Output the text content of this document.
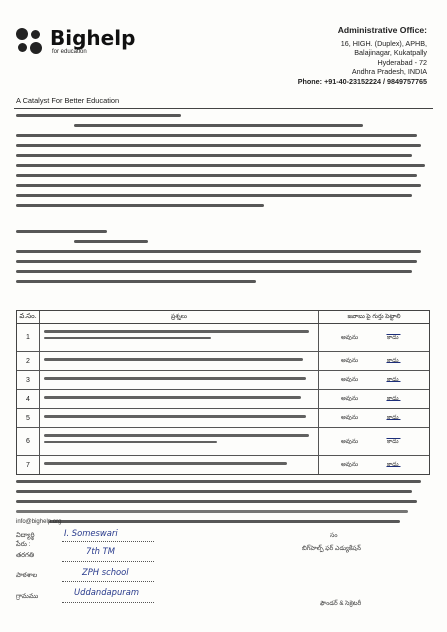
Bighelp
for education
A Catalyst For Better Education
Administrative Office:
16, HIGH. (Duplex), APHB,
Balajinagar, Kukatpally
Hyderabad - 72
Andhra Pradesh, INDIA
Phone: +91-40-23152224 / 9849757765
వ.సం.	ప్రశ్నలు	జవాబు పై గుర్తు పెట్టాలి
1	అవును	కాదు
2	అవును	కాదు
3	అవును	కాదు
4	అవును	కాదు
5	అవును	కాదు
6	అవును	కాదు
7	అవును	కాదు
info@bighelp.org
విద్యార్థి పేరు :
I. Someswari
తరగతి	7th TM
పాఠశాల	ZPH school
గ్రామము	Uddandapuram
సం
బిగ్‌హెల్ప్ ఫర్ ఎడ్యుకేషన్
ఫౌండర్ & సెక్రెటరీ
